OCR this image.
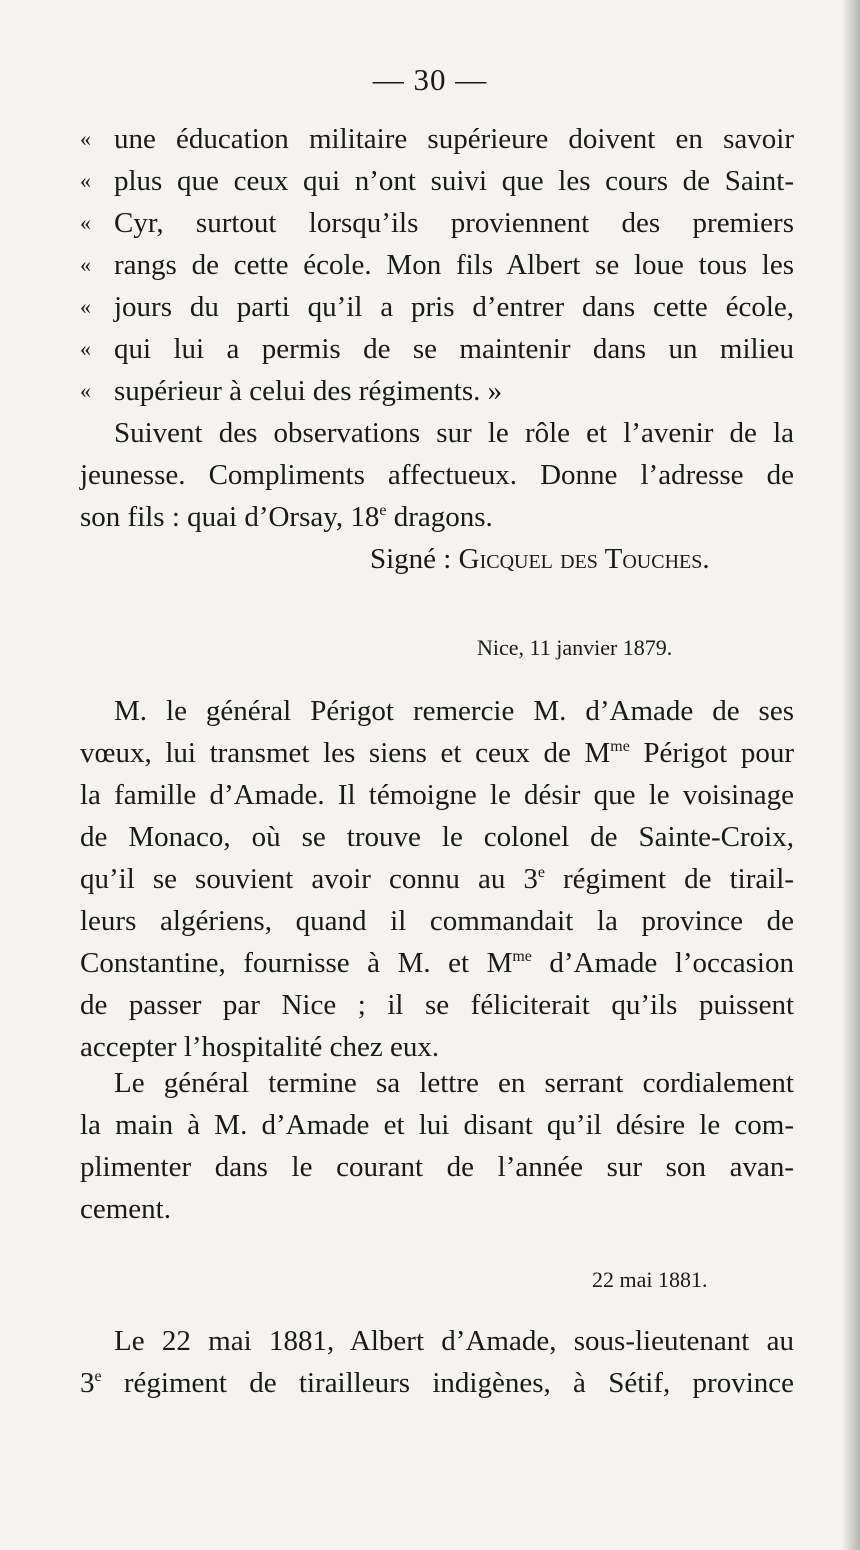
— 30 —
« une éducation militaire supérieure doivent en savoir
« plus que ceux qui n’ont suivi que les cours de Saint-
« Cyr, surtout lorsqu’ils proviennent des premiers
« rangs de cette école. Mon fils Albert se loue tous les
« jours du parti qu’il a pris d’entrer dans cette école,
« qui lui a permis de se maintenir dans un milieu
« supérieur à celui des régiments. »
Suivent des observations sur le rôle et l’avenir de la
jeunesse. Compliments affectueux. Donne l’adresse de
son fils : quai d’Orsay, 18e dragons.
Signé : Gicquel des Touches.
Nice, 11 janvier 1879.
M. le général Périgot remercie M. d’Amade de ses
vœux, lui transmet les siens et ceux de $M^{me}$ Périgot pour
la famille d’Amade. Il témoigne le désir que le voisinage
de Monaco, où se trouve le colonel de Sainte-Croix,
qu’il se souvient avoir connu au 3e régiment de tirail-
leurs algériens, quand il commandait la province de
Constantine, fournisse à M. et $M^{me}$ d’Amade l’occasion
de passer par Nice ; il se féliciterait qu’ils puissent
accepter l’hospitalité chez eux.
Le général termine sa lettre en serrant cordialement
la main à M. d’Amade et lui disant qu’il désire le com-
plimenter dans le courant de l’année sur son avan-
cement.
22 mai 1881.
Le 22 mai 1881, Albert d’Amade, sous-lieutenant au
3e régiment de tirailleurs indigènes, à Sétif, province
